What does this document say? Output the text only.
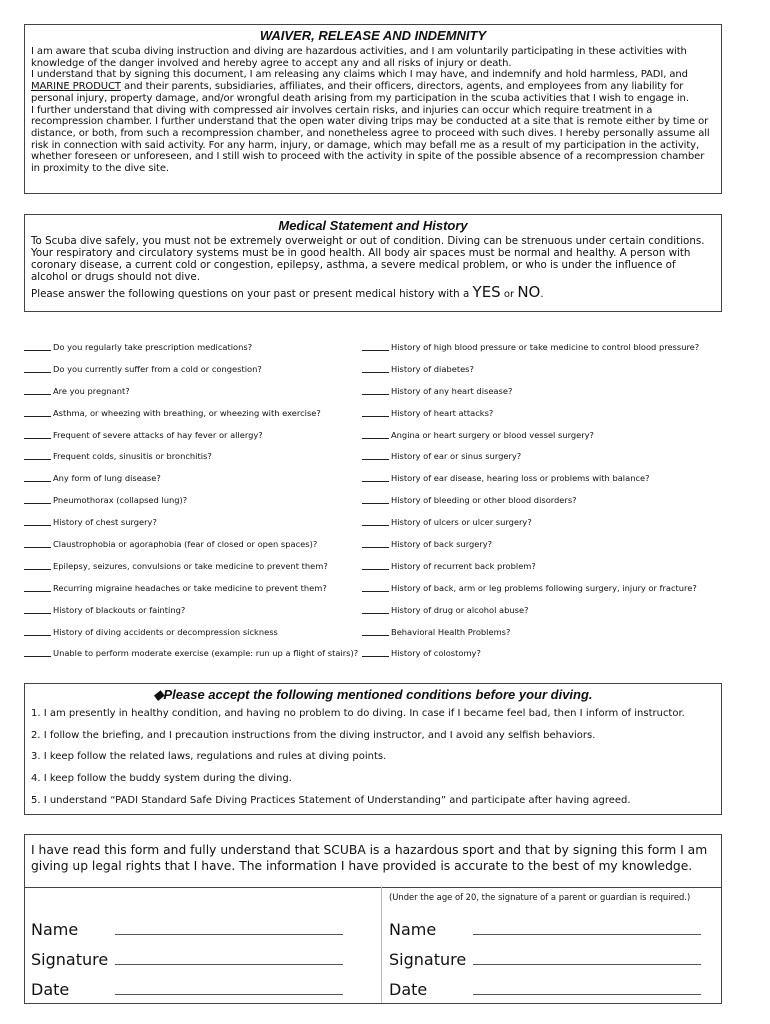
WAIVER, RELEASE AND INDEMNITY

I am aware that scuba diving instruction and diving are hazardous activities, and I am voluntarily participating in these activities with knowledge of the danger involved and hereby agree to accept any and all risks of injury or death.

I understand that by signing this document, I am releasing any claims which I may have, and indemnify and hold harmless, PADI, and MARINE PRODUCT and their parents, subsidiaries, affiliates, and their officers, directors, agents, and employees from any liability for personal injury, property damage, and/or wrongful death arising from my participation in the scuba activities that I wish to engage in.

I further understand that diving with compressed air involves certain risks, and injuries can occur which require treatment in a recompression chamber. I further understand that the open water diving trips may be conducted at a site that is remote either by time or distance, or both, from such a recompression chamber, and nonetheless agree to proceed with such dives. I hereby personally assume all risk in connection with said activity. For any harm, injury, or damage, which may befall me as a result of my participation in the activity, whether foreseen or unforeseen, and I still wish to proceed with the activity in spite of the possible absence of a recompression chamber in proximity to the dive site.

Medical Statement and History

To Scuba dive safely, you must not be extremely overweight or out of condition. Diving can be strenuous under certain conditions. Your respiratory and circulatory systems must be in good health. All body air spaces must be normal and healthy. A person with coronary disease, a current cold or congestion, epilepsy, asthma, a severe medical problem, or who is under the influence of alcohol or drugs should not dive.

Please answer the following questions on your past or present medical history with a YES or NO.

Do you regularly take prescription medications?
Do you currently suffer from a cold or congestion?
Are you pregnant?
Asthma, or wheezing with breathing, or wheezing with exercise?
Frequent of severe attacks of hay fever or allergy?
Frequent colds, sinusitis or bronchitis?
Any form of lung disease?
Pneumothorax (collapsed lung)?
History of chest surgery?
Claustrophobia or agoraphobia (fear of closed or open spaces)?
Epilepsy, seizures, convulsions or take medicine to prevent them?
Recurring migraine headaches or take medicine to prevent them?
History of blackouts or fainting?
History of diving accidents or decompression sickness
Unable to perform moderate exercise (example: run up a flight of stairs)?
History of high blood pressure or take medicine to control blood pressure?
History of diabetes?
History of any heart disease?
History of heart attacks?
Angina or heart surgery or blood vessel surgery?
History of ear or sinus surgery?
History of ear disease, hearing loss or problems with balance?
History of bleeding or other blood disorders?
History of ulcers or ulcer surgery?
History of back surgery?
History of recurrent back problem?
History of back, arm or leg problems following surgery, injury or fracture?
History of drug or alcohol abuse?
Behavioral Health Problems?
History of colostomy?
◆Please accept the following mentioned conditions before your diving.
1. I am presently in healthy condition, and having no problem to do diving. In case if I became feel bad, then I inform of instructor.
2. I follow the briefing, and I precaution instructions from the diving instructor, and I avoid any selfish behaviors.
3. I keep follow the related laws, regulations and rules at diving points.
4. I keep follow the buddy system during the diving.
5. I understand “PADI Standard Safe Diving Practices Statement of Understanding” and participate after having agreed.

I have read this form and fully understand that SCUBA is a hazardous sport and that by signing this form I am giving up legal rights that I have. The information I have provided is accurate to the best of my knowledge.

(Under the age of 20, the signature of a parent or guardian is required.)
Name
Signature
Date
Name
Signature
Date
